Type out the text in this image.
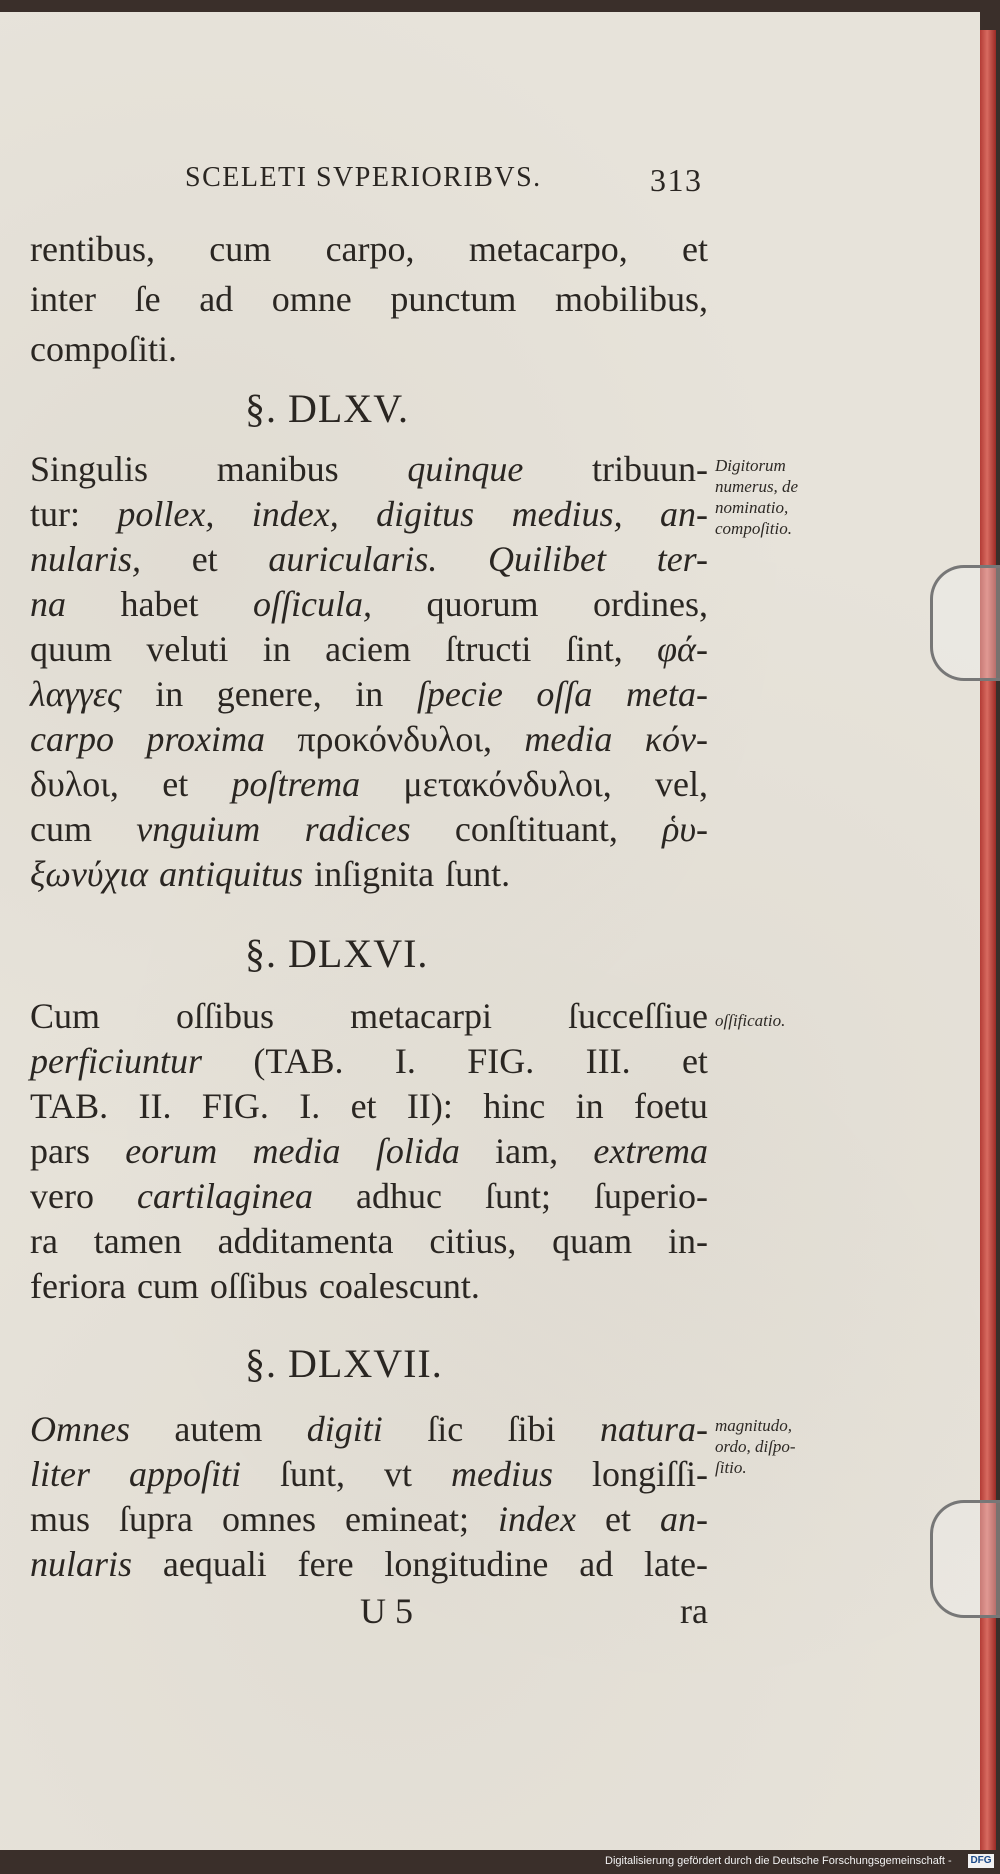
SCELETI SVPERIORIBVS.	313
rentibus, cum carpo, metacarpo, et
inter ſe ad omne punctum mobilibus,
compoſiti.
§. DLXV.
Singulis manibus quinque tribuun-
tur: pollex, index, digitus medius, an-
nularis, et auricularis. Quilibet ter-
na habet oſſicula, quorum ordines,
quum veluti in aciem ſtructi ſint, φά-
λαγγες in genere, in ſpecie oſſa meta-
carpo proxima προκόνδυλοι, media κόν-
δυλοι, et poſtrema μετακόνδυλοι, vel,
cum vnguium radices conſtituant, ῥυ-
ξωνύχια antiquitus inſignita ſunt.
§. DLXVI.
Cum oſſibus metacarpi ſucceſſiue
perficiuntur (TAB. I. FIG. III. et
TAB. II. FIG. I. et II): hinc in foetu
pars eorum media ſolida iam, extrema
vero cartilaginea adhuc ſunt; ſuperio-
ra tamen additamenta citius, quam in-
feriora cum oſſibus coalescunt.
§. DLXVII.
Omnes autem digiti ſic ſibi natura-
liter appoſiti ſunt, vt medius longiſſi-
mus ſupra omnes emineat; index et an-
nularis aequali fere longitudine ad late-
U 5	ra
Digitorum
numerus, de
nominatio,
compoſitio.
oſſificatio.
magnitudo,
ordo, diſpo-
ſitio.
Digitalisierung gefördert durch die Deutsche Forschungsgemeinschaft - DFG
